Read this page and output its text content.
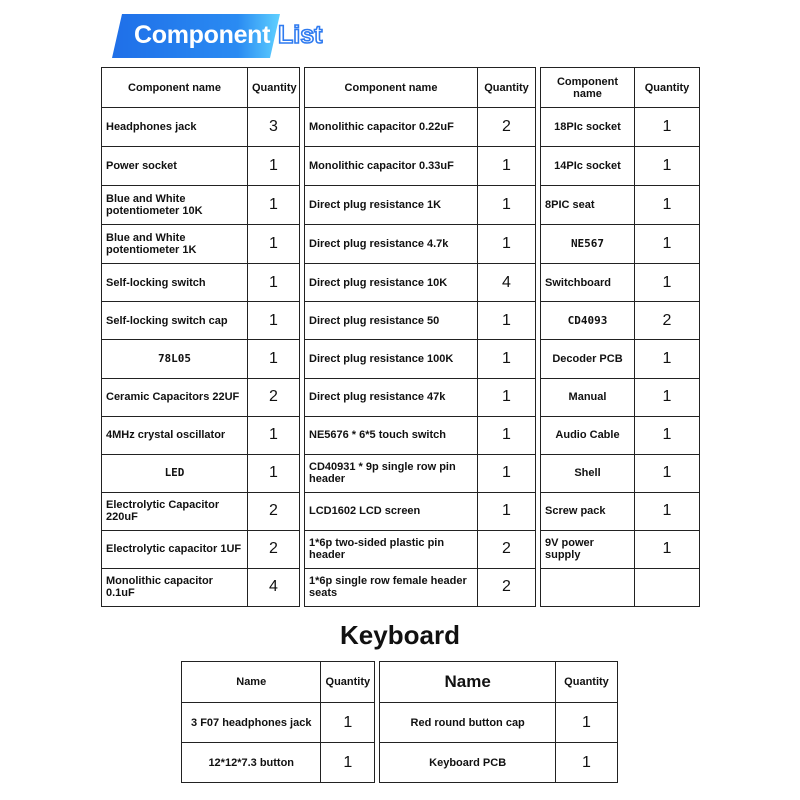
Component List
Component name	Quantity		Component name	Quantity		Component name	Quantity
Headphones jack	3		Monolithic capacitor 0.22uF	2		18PIc socket	1
Power socket	1		Monolithic capacitor 0.33uF	1		14PIc socket	1
Blue and White potentiometer 10K	1		Direct plug resistance 1K	1		8PIC seat	1
Blue and White potentiometer 1K	1		Direct plug resistance 4.7k	1		NE567	1
Self-locking switch	1		Direct plug resistance 10K	4		Switchboard	1
Self-locking switch cap	1		Direct plug resistance 50	1		CD4093	2
78L05	1		Direct plug resistance 100K	1		Decoder PCB	1
Ceramic Capacitors 22UF	2		Direct plug resistance 47k	1		Manual	1
4MHz crystal oscillator	1		NE5676 * 6*5 touch switch	1		Audio Cable	1
LED	1		CD40931 * 9p single row pin header	1		Shell	1
Electrolytic Capacitor 220uF	2		LCD1602 LCD screen	1		Screw pack	1
Electrolytic capacitor 1UF	2		1*6p two-sided plastic pin header	2		9V power supply	1
Monolithic capacitor 0.1uF	4		1*6p single row female header seats	2			
Keyboard
Name	Quantity		Name	Quantity
3 F07 headphones jack	1		Red round button cap	1
12*12*7.3 button	1		Keyboard PCB	1
